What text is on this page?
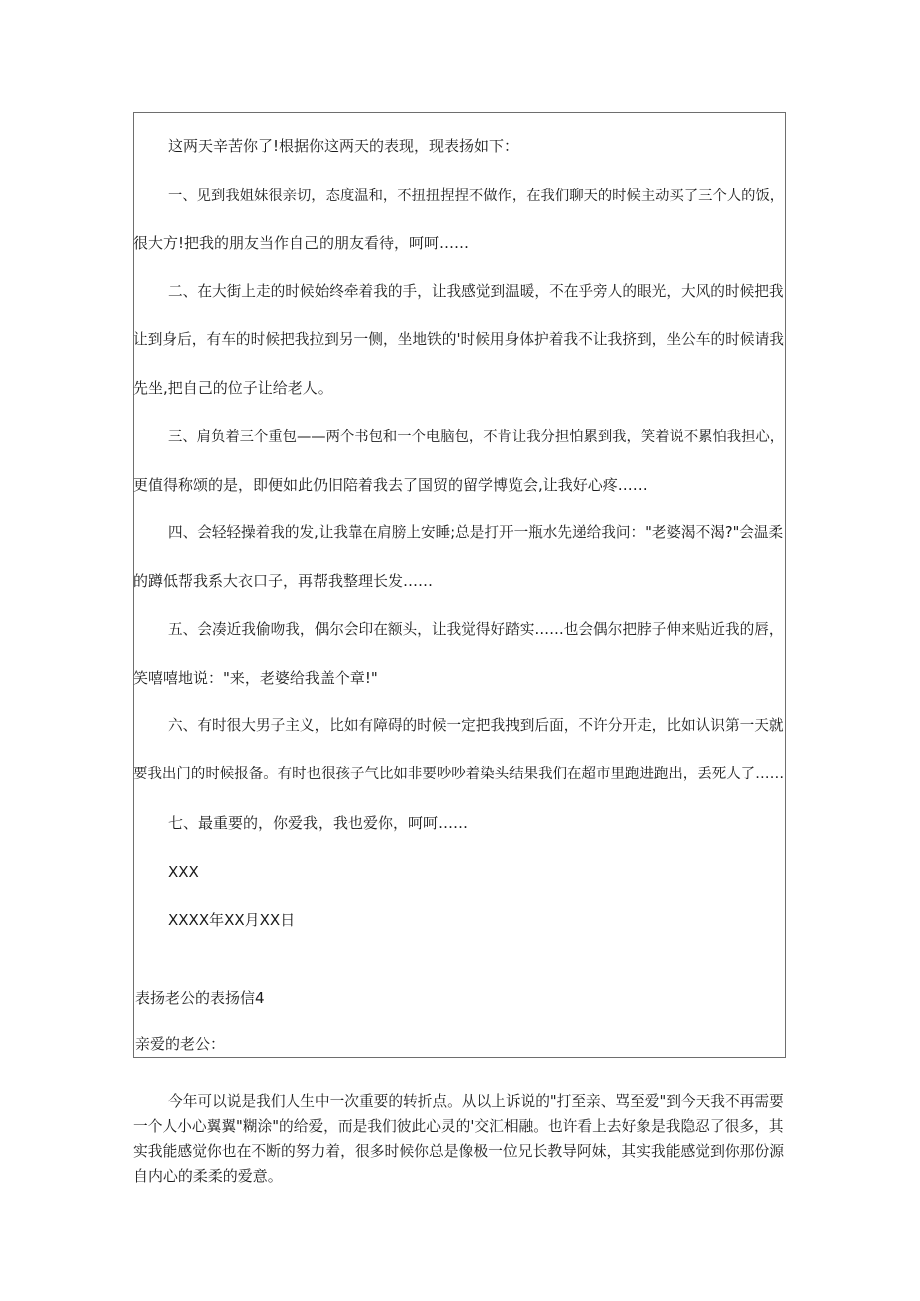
这两天辛苦你了!根据你这两天的表现，现表扬如下：
一、见到我姐妹很亲切，态度温和，不扭扭捏捏不做作，在我们聊天的时候主动买了三个人的饭，
很大方!把我的朋友当作自己的朋友看待，呵呵……
二、在大街上走的时候始终牵着我的手，让我感觉到温暖，不在乎旁人的眼光，大风的时候把我
让到身后，有车的时候把我拉到另一侧，坐地铁的'时候用身体护着我不让我挤到，坐公车的时候请我
先坐,把自己的位子让给老人。
三、肩负着三个重包——两个书包和一个电脑包，不肯让我分担怕累到我，笑着说不累怕我担心，
更值得称颂的是，即便如此仍旧陪着我去了国贸的留学博览会,让我好心疼……
四、会轻轻操着我的发,让我靠在肩膀上安睡;总是打开一瓶水先递给我问："老婆渴不渴?"会温柔
的蹲低帮我系大衣口子，再帮我整理长发……
五、会凑近我偷吻我，偶尔会印在额头，让我觉得好踏实……也会偶尔把脖子伸来贴近我的唇，
笑嘻嘻地说："来，老婆给我盖个章!"
六、有时很大男子主义，比如有障碍的时候一定把我拽到后面，不许分开走，比如认识第一天就
要我出门的时候报备。有时也很孩子气比如非要吵吵着染头结果我们在超市里跑进跑出，丢死人了……
七、最重要的，你爱我，我也爱你，呵呵……
XXX
XXXX年XX月XX日
表扬老公的表扬信4
亲爱的老公：
今年可以说是我们人生中一次重要的转折点。从以上诉说的"打至亲、骂至爱"到今天我不再需要
一个人小心翼翼"糊涂"的给爱，而是我们彼此心灵的'交汇相融。也许看上去好象是我隐忍了很多，其
实我能感觉你也在不断的努力着，很多时候你总是像极一位兄长教导阿妹，其实我能感觉到你那份源
自内心的柔柔的爱意。
